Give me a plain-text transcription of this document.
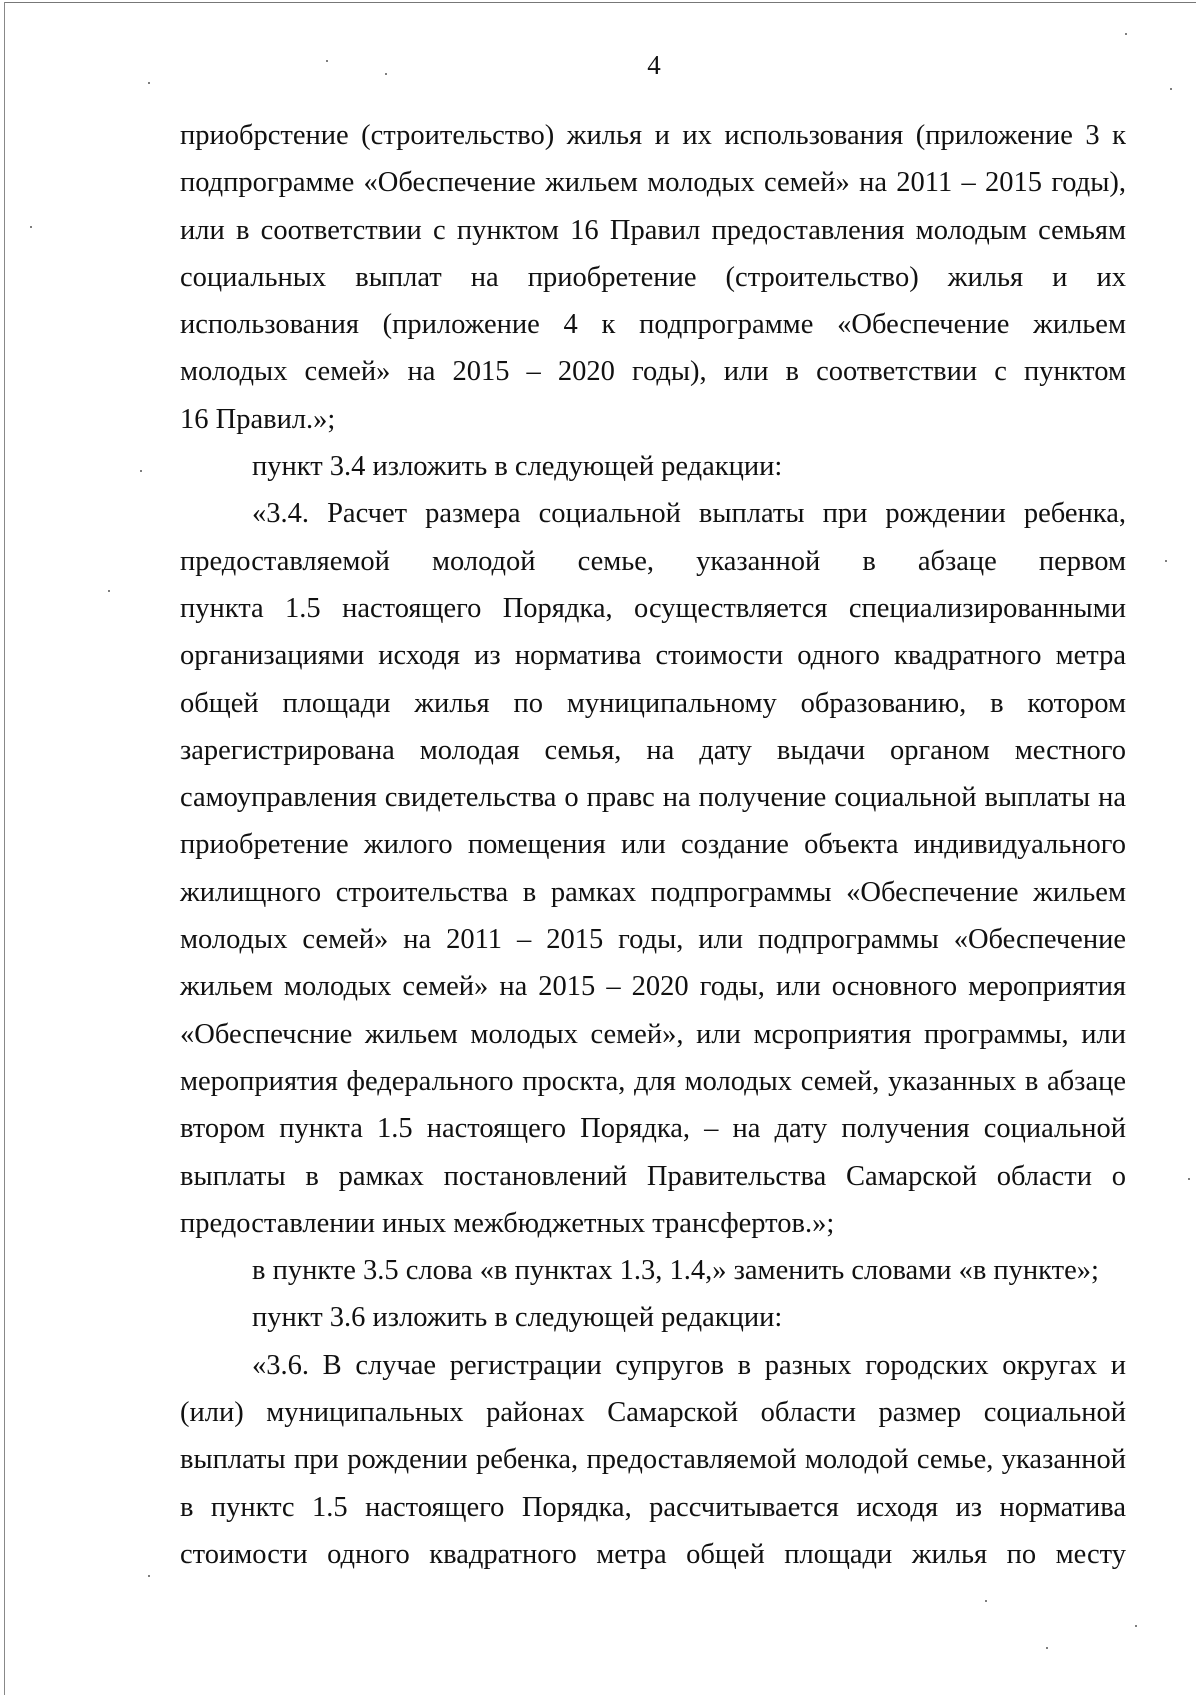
4

приобрстение (строительство) жилья и их использования (приложение 3 к
подпрограмме «Обеспечение жильем молодых семей» на 2011 – 2015 годы),
или в соответствии с пунктом 16 Правил предоставления молодым семьям
социальных выплат на приобретение (строительство) жилья и их
использования (приложение 4 к подпрограмме «Обеспечение жильем
молодых семей» на 2015 – 2020 годы), или в соответствии с пунктом
16 Правил.»;

пункт 3.4 изложить в следующей редакции:

«3.4. Расчет размера социальной выплаты при рождении ребенка,
предоставляемой молодой семье, указанной в абзаце первом
пункта 1.5 настоящего Порядка, осуществляется специализированными
организациями исходя из норматива стоимости одного квадратного метра
общей площади жилья по муниципальному образованию, в котором
зарегистрирована молодая семья, на дату выдачи органом местного
самоуправления свидетельства о правс на получение социальной выплаты на
приобретение жилого помещения или создание объекта индивидуального
жилищного строительства в рамках подпрограммы «Обеспечение жильем
молодых семей» на 2011 – 2015 годы, или подпрограммы «Обеспечение
жильем молодых семей» на 2015 – 2020 годы, или основного мероприятия
«Обеспечсние жильем молодых семей», или мсроприятия программы, или
мероприятия федерального проскта, для молодых семей, указанных в абзаце
втором пункта 1.5 настоящего Порядка, – на дату получения социальной
выплаты в рамках постановлений Правительства Самарской области о
предоставлении иных межбюджетных трансфертов.»;

в пункте 3.5 слова «в пунктах 1.3, 1.4,» заменить словами «в пункте»;

пункт 3.6 изложить в следующей редакции:

«3.6. В случае регистрации супругов в разных городских округах и
(или) муниципальных районах Самарской области размер социальной
выплаты при рождении ребенка, предоставляемой молодой семье, указанной
в пунктс 1.5 настоящего Порядка, рассчитывается исходя из норматива
стоимости одного квадратного метра общей площади жилья по месту
